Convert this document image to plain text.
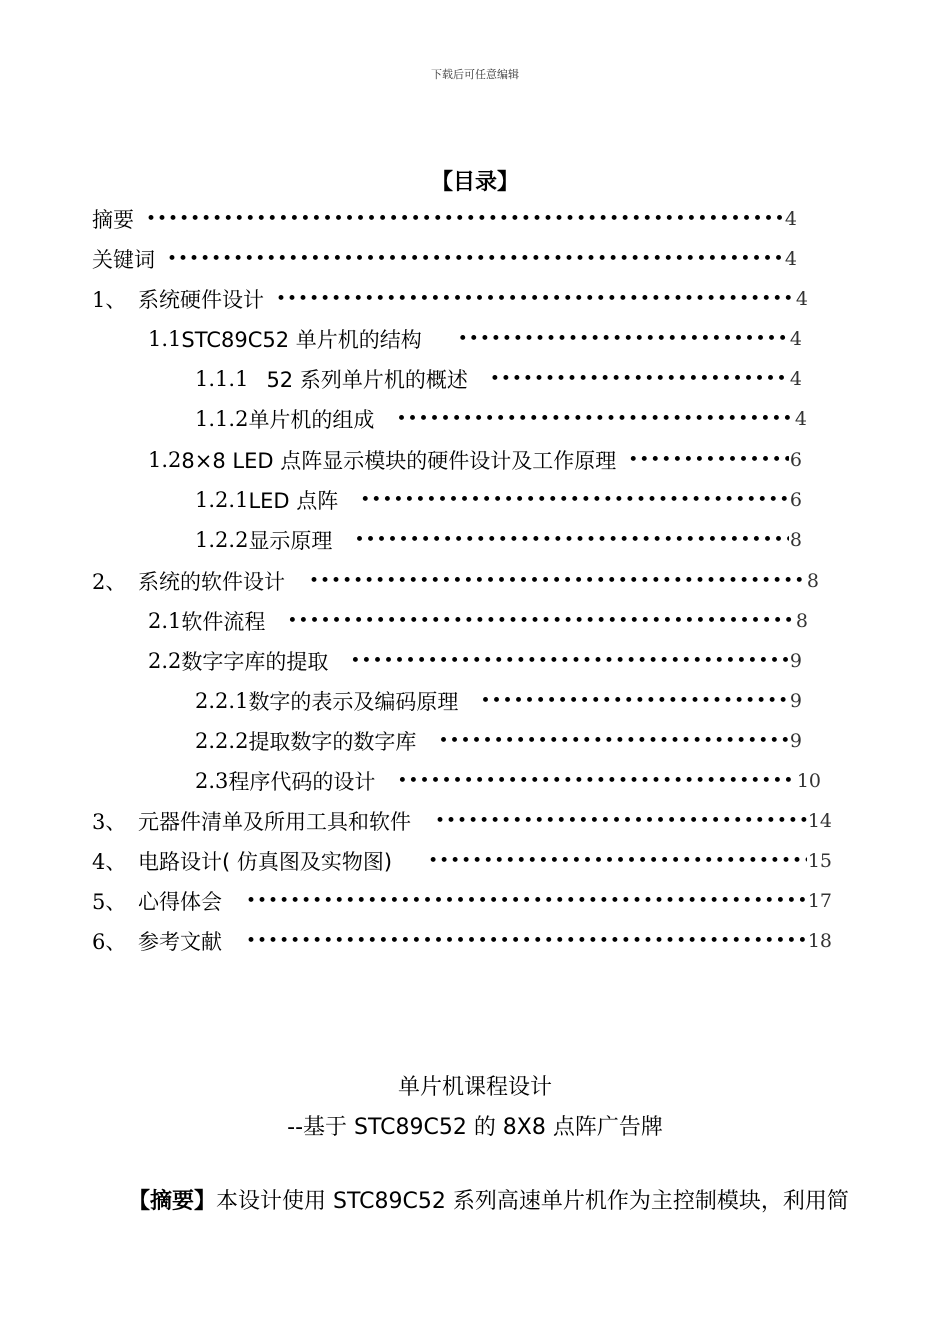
下载后可任意编辑
【目录】
摘要 •••••	4
关键词 •••••	4
1、 系统硬件设计 •••••	4
1.1 STC89C52 单片机的结构 •••••	4
1.1.1 52 系列单片机的概述 •••••	4
1.1.2 单片机的组成 •••••	4
1.2 8×8 LED 点阵显示模块的硬件设计及工作原理 •••••	6
1.2.1 LED 点阵 •••••	6
1.2.2 显示原理 •••••	8
2、 系统的软件设计 •••••	8
2.1 软件流程 •••••	8
2.2 数字字库的提取 •••••	9
2.2.1 数字的表示及编码原理 •••••	9
2.2.2 提取数字的数字库 •••••	9
2.3 程序代码的设计 •••••	10
3、 元器件清单及所用工具和软件 •••••	14
4、 电路设计( 仿真图及实物图) •••••	15
5、 心得体会 •••••	17
6、 参考文献 •••••	18
单片机课程设计
--基于 STC89C52 的 8X8 点阵广告牌
【摘要】本设计使用 STC89C52 系列高速单片机作为主控制模块，利用简
